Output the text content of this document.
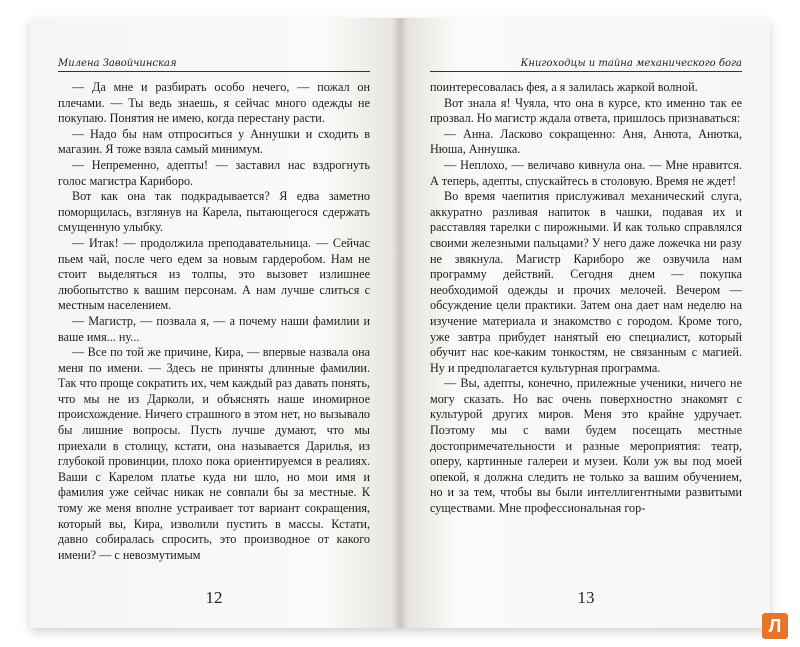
Милена Завойчинская

— Да мне и разбирать особо нечего, — пожал он плечами. — Ты ведь знаешь, я сейчас много одежды не покупаю. Понятия не имею, когда перестану расти.

— Надо бы нам отпроситься у Аннушки и сходить в магазин. Я тоже взяла самый минимум.

— Непременно, адепты! — заставил нас вздрогнуть голос магистра Кариборо.

Вот как она так подкрадывается? Я едва заметно поморщилась, взглянув на Карела, пытающегося сдержать смущенную улыбку.

— Итак! — продолжила преподавательница. — Сейчас пьем чай, после чего едем за новым гардеробом. Нам не стоит выделяться из толпы, это вызовет излишнее любопытство к вашим персонам. А нам лучше слиться с местным населением.

— Магистр, — позвала я, — а почему наши фамилии и ваше имя... ну...

— Все по той же причине, Кира, — впервые назвала она меня по имени. — Здесь не приняты длинные фамилии. Так что проще сократить их, чем каждый раз давать понять, что мы не из Дарколи, и объяснять наше иномирное происхождение. Ничего страшного в этом нет, но вызывало бы лишние вопросы. Пусть лучше думают, что мы приехали в столицу, кстати, она называется Дарилья, из глубокой провинции, плохо пока ориентируемся в реалиях. Ваши с Карелом платье куда ни шло, но мои имя и фамилия уже сейчас никак не совпали бы за местные. К тому же меня вполне устраивает тот вариант сокращения, который вы, Кира, изволили пустить в массы. Кстати, давно собиралась спросить, это производное от какого имени? — с невозмутимым

12
Книгоходцы и тайна механического бога

поинтересовалась фея, а я залилась жаркой волной.

Вот знала я! Чуяла, что она в курсе, кто именно так ее прозвал. Но магистр ждала ответа, пришлось признаваться:

— Анна. Ласково сокращенно: Аня, Анюта, Анютка, Нюша, Аннушка.

— Неплохо, — величаво кивнула она. — Мне нравится. А теперь, адепты, спускайтесь в столовую. Время не ждет!

Во время чаепития прислуживал механический слуга, аккуратно разливая напиток в чашки, подавая их и расставляя тарелки с пирожными. И как только справлялся своими железными пальцами? У него даже ложечка ни разу не звякнула. Магистр Кариборо же озвучила нам программу действий. Сегодня днем — покупка необходимой одежды и прочих мелочей. Вечером — обсуждение цели практики. Затем она дает нам неделю на изучение материала и знакомство с городом. Кроме того, уже завтра прибудет нанятый ею специалист, который обучит нас кое-каким тонкостям, не связанным с магией. Ну и предполагается культурная программа.

— Вы, адепты, конечно, прилежные ученики, ничего не могу сказать. Но вас очень поверхностно знакомят с культурой других миров. Меня это крайне удручает. Поэтому мы с вами будем посещать местные достопримечательности и разные мероприятия: театр, оперу, картинные галереи и музеи. Коли уж вы под моей опекой, я должна следить не только за вашим обучением, но и за тем, чтобы вы были интеллигентными развитыми существами. Мне профессиональная гор-

13
Л
